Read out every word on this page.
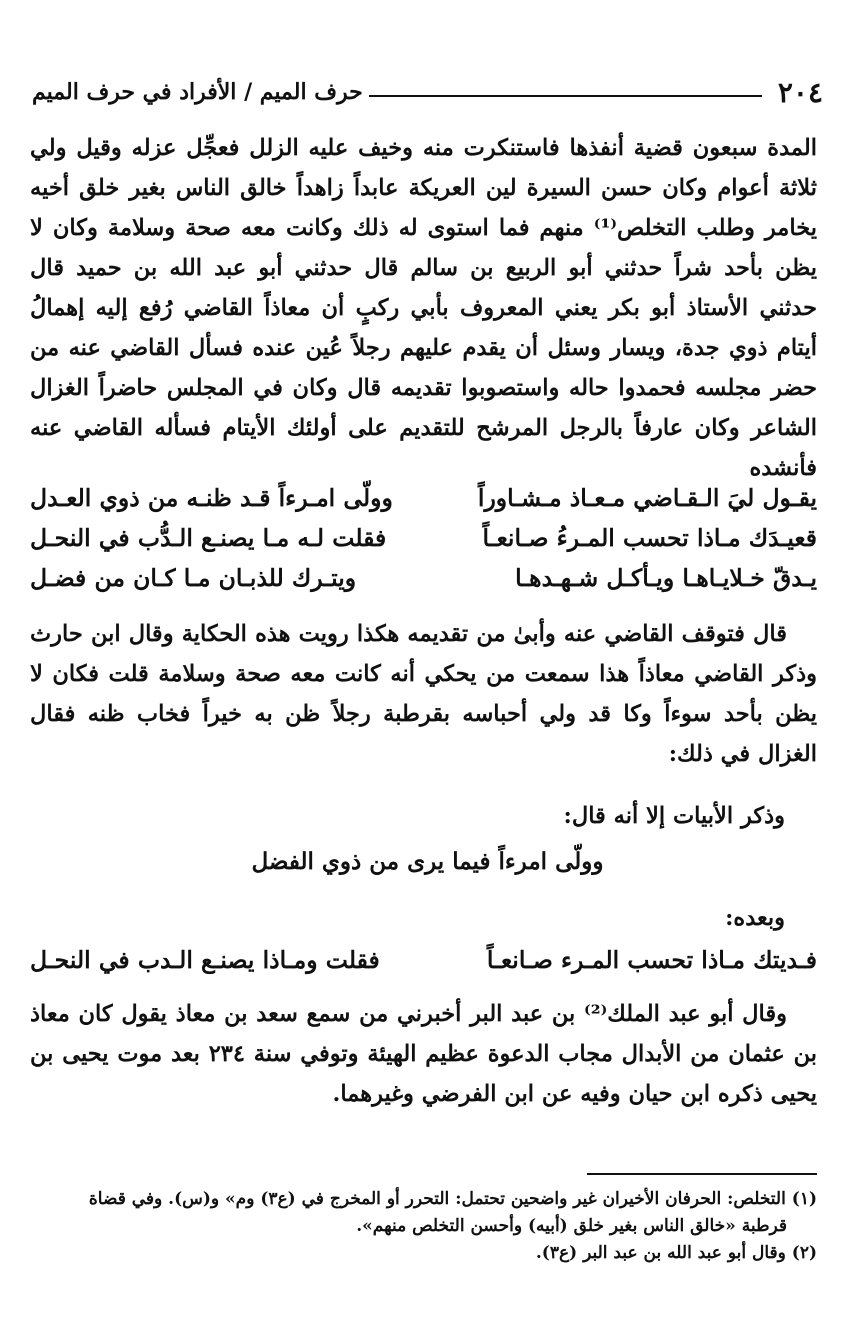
٢٠٤
حرف الميم / الأفراد في حرف الميم

المدة سبعون قضية أنفذها فاستنكرت منه وخيف عليه الزلل فعجِّل عزله وقيل ولي ثلاثة أعوام وكان حسن السيرة لين العريكة عابداً زاهداً خالق الناس بغير خلق أخيه يخامر وطلب التخلص⁽¹⁾ منهم فما استوى له ذلك وكانت معه صحة وسلامة وكان لا يظن بأحد شراً حدثني أبو الربيع بن سالم قال حدثني أبو عبد الله بن حميد قال حدثني الأستاذ أبو بكر يعني المعروف بأبي ركبٍ أن معاذاً القاضي رُفع إليه إهمالُ أيتام ذوي جدة، ويسار وسئل أن يقدم عليهم رجلاً عُين عنده فسأل القاضي عنه من حضر مجلسه فحمدوا حاله واستصوبوا تقديمه قال وكان في المجلس حاضراً الغزال الشاعر وكان عارفاً بالرجل المرشح للتقديم على أولئك الأيتام فسأله القاضي عنه فأنشده

يقـول ليَ الـقـاضي مـعـاذ مـشـاوراً
وولّى امـرءاً قـد ظنـه من ذوي العـدل
قعيـدَك مـاذا تحسب المـرءُ صـانعـاً
فقلت لـه مـا يصنـع الـدُّب في النحـل
يـدقّ خـلايـاهـا ويـأكـل شـهـدهـا
ويتـرك للذبـان مـا كـان من فضـل

قال فتوقف القاضي عنه وأبىٰ من تقديمه هكذا رويت هذه الحكاية وقال ابن حارث وذكر القاضي معاذاً هذا سمعت من يحكي أنه كانت معه صحة وسلامة قلت فكان لا يظن بأحد سوءاً وكا قد ولي أحباسه بقرطبة رجلاً ظن به خيراً فخاب ظنه فقال الغزال في ذلك:

وذكر الأبيات إلا أنه قال:
وولّى امرءاً فيما يرى من ذوي الفضل
وبعده:
فـديتك مـاذا تحسب المـرء صـانعـاً
فقلت ومـاذا يصنـع الـدب في النحـل

وقال أبو عبد الملك⁽²⁾ بن عبد البر أخبرني من سمع سعد بن معاذ يقول كان معاذ بن عثمان من الأبدال مجاب الدعوة عظيم الهيئة وتوفي سنة ٢٣٤ بعد موت يحيى بن يحيى ذكره ابن حيان وفيه عن ابن الفرضي وغيرهما.

(١) التخلص: الحرفان الأخيران غير واضحين تحتمل: التحرر أو المخرج في (ع٣) وم» و(س). وفي قضاة

قرطبة «خالق الناس بغير خلق (أبيه) وأحسن التخلص منهم».

(٢) وقال أبو عبد الله بن عبد البر (ع٣).
